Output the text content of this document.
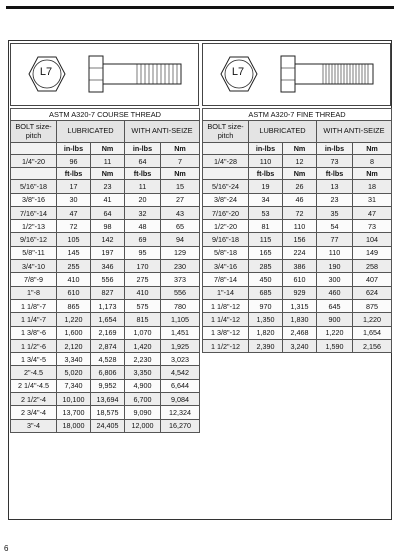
L7
ASTM A320-7 COURSE THREAD				
BOLT size-pitch	LUBRICATED		WITH ANTI-SEIZE	
	in-lbs	Nm	in-lbs	Nm
1/4"-20	96	11	64	7
	ft-lbs	Nm	ft-lbs	Nm
5/16"-18	17	23	11	15
3/8"-16	30	41	20	27
7/16"-14	47	64	32	43
1/2"-13	72	98	48	65
9/16"-12	105	142	69	94
5/8"-11	145	197	95	129
3/4"-10	255	346	170	230
7/8"-9	410	556	275	373
1"-8	610	827	410	556
1 1/8"-7	865	1,173	575	780
1 1/4"-7	1,220	1,654	815	1,105
1 3/8"-6	1,600	2,169	1,070	1,451
1 1/2"-6	2,120	2,874	1,420	1,925
1 3/4"-5	3,340	4,528	2,230	3,023
2"-4.5	5,020	6,806	3,350	4,542
2 1/4"-4.5	7,340	9,952	4,900	6,644
2 1/2"-4	10,100	13,694	6,700	9,084
2 3/4"-4	13,700	18,575	9,090	12,324
3"-4	18,000	24,405	12,000	16,270
L7
ASTM A320-7 FINE THREAD				
BOLT size-pitch	LUBRICATED		WITH ANTI-SEIZE	
	in-lbs	Nm	in-lbs	Nm
1/4"-28	110	12	73	8
	ft-lbs	Nm	ft-lbs	Nm
5/16"-24	19	26	13	18
3/8"-24	34	46	23	31
7/16"-20	53	72	35	47
1/2"-20	81	110	54	73
9/16"-18	115	156	77	104
5/8"-18	165	224	110	149
3/4"-16	285	386	190	258
7/8"-14	450	610	300	407
1"-14	685	929	460	624
1 1/8"-12	970	1,315	645	875
1 1/4"-12	1,350	1,830	900	1,220
1 3/8"-12	1,820	2,468	1,220	1,654
1 1/2"-12	2,390	3,240	1,590	2,156
6
